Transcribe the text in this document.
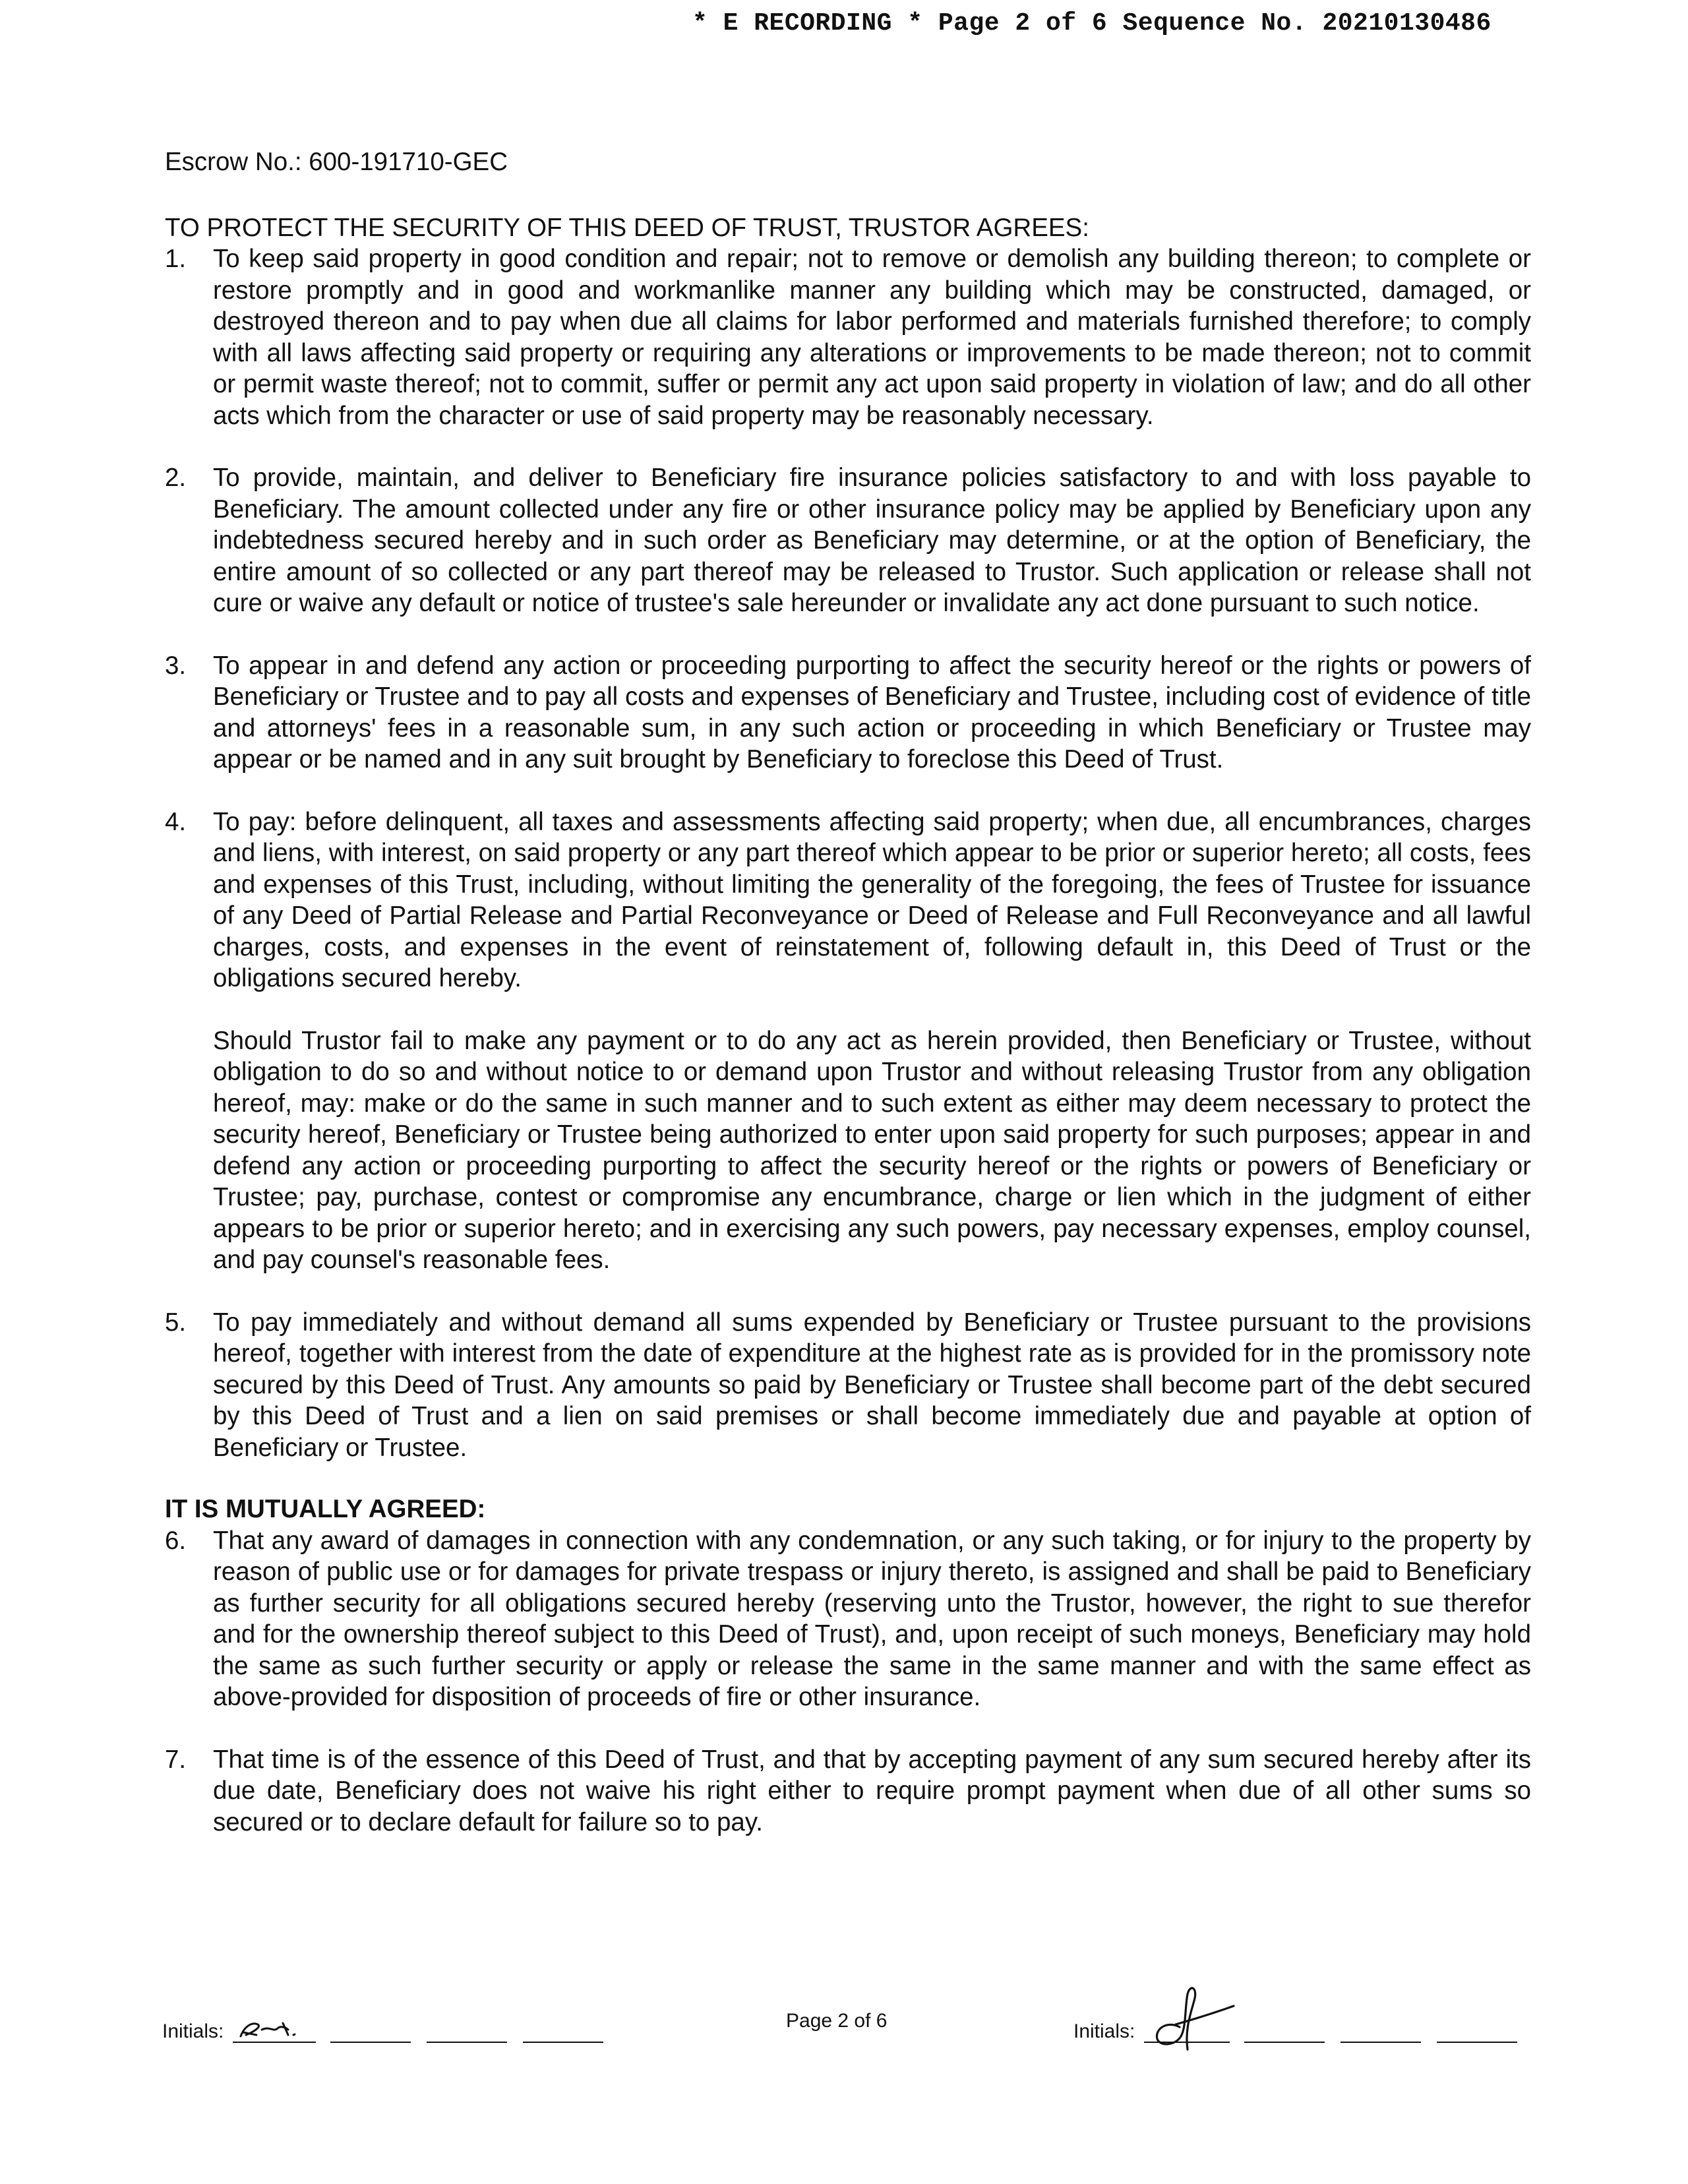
* E RECORDING * Page 2 of 6 Sequence No. 20210130486

Escrow No.: 600-191710-GEC

TO PROTECT THE SECURITY OF THIS DEED OF TRUST, TRUSTOR AGREES:

1.	To keep said property in good condition and repair; not to remove or demolish any building thereon; to complete or restore promptly and in good and workmanlike manner any building which may be constructed, damaged, or destroyed thereon and to pay when due all claims for labor performed and materials furnished therefore; to comply with all laws affecting said property or requiring any alterations or improvements to be made thereon; not to commit or permit waste thereof; not to commit, suffer or permit any act upon said property in violation of law; and do all other acts which from the character or use of said property may be reasonably necessary.
2.	To provide, maintain, and deliver to Beneficiary fire insurance policies satisfactory to and with loss payable to Beneficiary. The amount collected under any fire or other insurance policy may be applied by Beneficiary upon any indebtedness secured hereby and in such order as Beneficiary may determine, or at the option of Beneficiary, the entire amount of so collected or any part thereof may be released to Trustor. Such application or release shall not cure or waive any default or notice of trustee's sale hereunder or invalidate any act done pursuant to such notice.
3.	To appear in and defend any action or proceeding purporting to affect the security hereof or the rights or powers of Beneficiary or Trustee and to pay all costs and expenses of Beneficiary and Trustee, including cost of evidence of title and attorneys' fees in a reasonable sum, in any such action or proceeding in which Beneficiary or Trustee may appear or be named and in any suit brought by Beneficiary to foreclose this Deed of Trust.
4.	To pay: before delinquent, all taxes and assessments affecting said property; when due, all encumbrances, charges and liens, with interest, on said property or any part thereof which appear to be prior or superior hereto; all costs, fees and expenses of this Trust, including, without limiting the generality of the foregoing, the fees of Trustee for issuance of any Deed of Partial Release and Partial Reconveyance or Deed of Release and Full Reconveyance and all lawful charges, costs, and expenses in the event of reinstatement of, following default in, this Deed of Trust or the obligations secured hereby.

Should Trustor fail to make any payment or to do any act as herein provided, then Beneficiary or Trustee, without obligation to do so and without notice to or demand upon Trustor and without releasing Trustor from any obligation hereof, may: make or do the same in such manner and to such extent as either may deem necessary to protect the security hereof, Beneficiary or Trustee being authorized to enter upon said property for such purposes; appear in and defend any action or proceeding purporting to affect the security hereof or the rights or powers of Beneficiary or Trustee; pay, purchase, contest or compromise any encumbrance, charge or lien which in the judgment of either appears to be prior or superior hereto; and in exercising any such powers, pay necessary expenses, employ counsel, and pay counsel's reasonable fees.

5.	To pay immediately and without demand all sums expended by Beneficiary or Trustee pursuant to the provisions hereof, together with interest from the date of expenditure at the highest rate as is provided for in the promissory note secured by this Deed of Trust. Any amounts so paid by Beneficiary or Trustee shall become part of the debt secured by this Deed of Trust and a lien on said premises or shall become immediately due and payable at option of Beneficiary or Trustee.

IT IS MUTUALLY AGREED:

6.	That any award of damages in connection with any condemnation, or any such taking, or for injury to the property by reason of public use or for damages for private trespass or injury thereto, is assigned and shall be paid to Beneficiary as further security for all obligations secured hereby (reserving unto the Trustor, however, the right to sue therefor and for the ownership thereof subject to this Deed of Trust), and, upon receipt of such moneys, Beneficiary may hold the same as such further security or apply or release the same in the same manner and with the same effect as above-provided for disposition of proceeds of fire or other insurance.
7.	That time is of the essence of this Deed of Trust, and that by accepting payment of any sum secured hereby after its due date, Beneficiary does not waive his right either to require prompt payment when due of all other sums so secured or to declare default for failure so to pay.
Initials:	Page 2 of 6	Initials:
